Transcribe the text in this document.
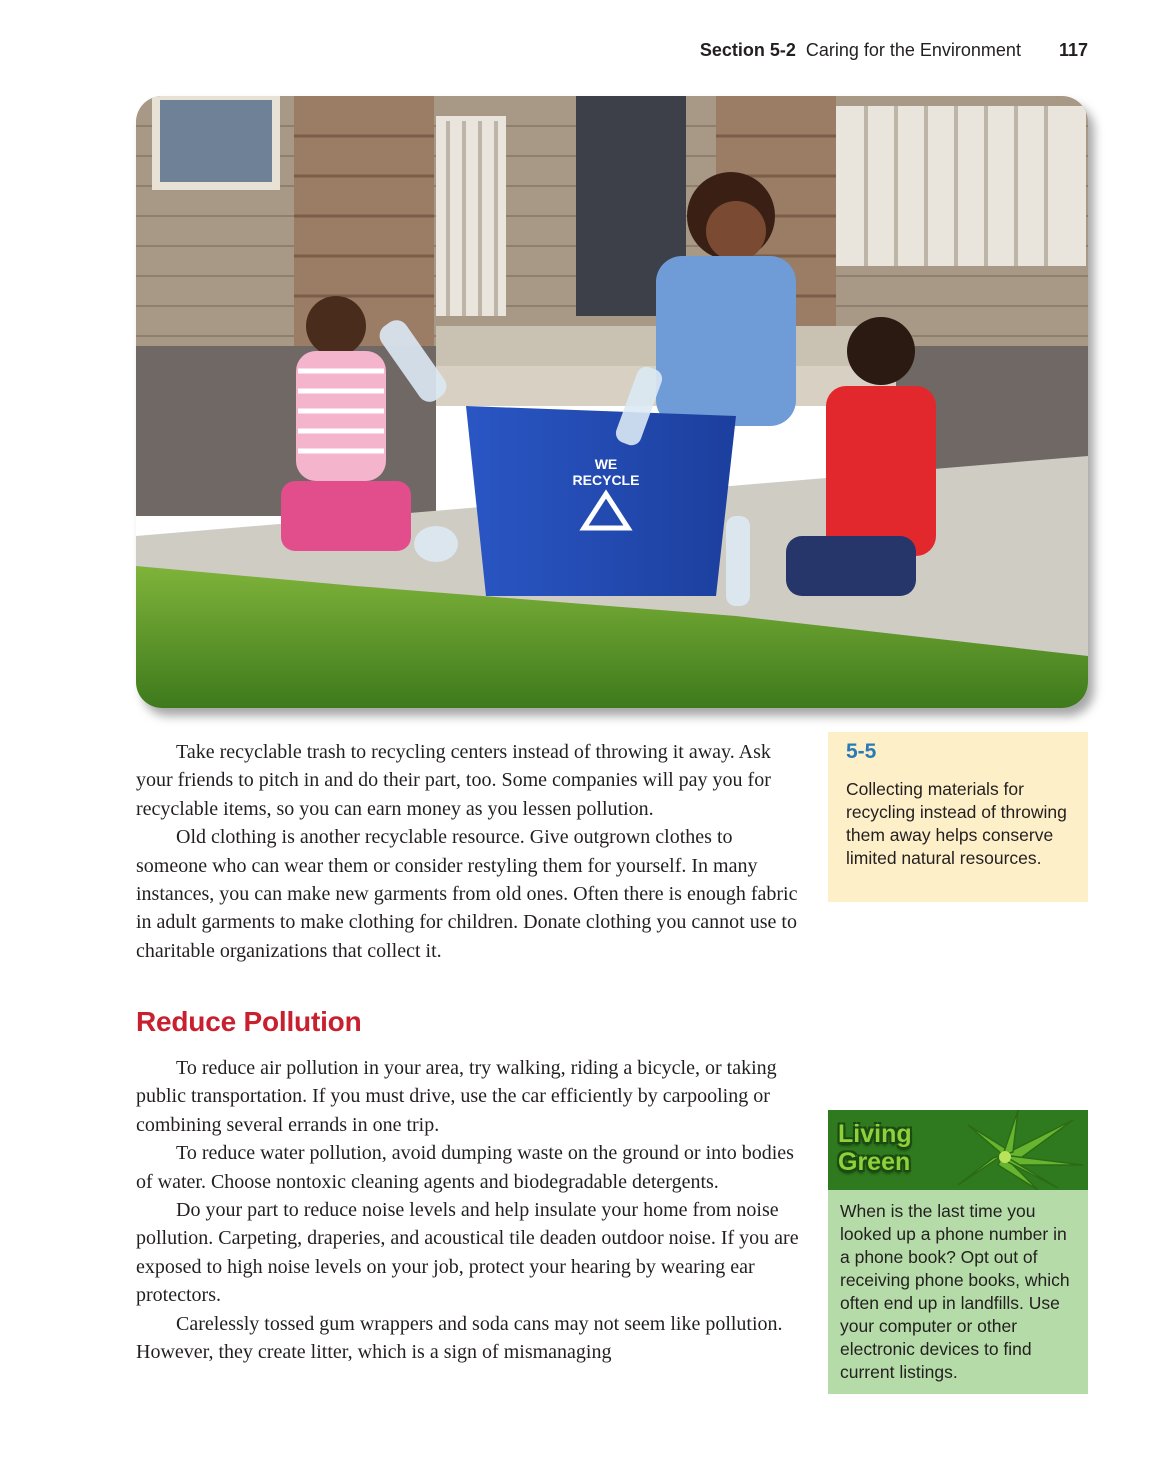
Section 5-2 Caring for the Environment 117
WE
RECYCLE

Take recyclable trash to recycling centers instead of throwing it away. Ask your friends to pitch in and do their part, too. Some companies will pay you for recyclable items, so you can earn money as you lessen pollution.

Old clothing is another recyclable resource. Give outgrown clothes to someone who can wear them or consider restyling them for yourself. In many instances, you can make new garments from old ones. Often there is enough fabric in adult garments to make clothing for children. Donate clothing you cannot use to charitable organizations that collect it.

Reduce Pollution

To reduce air pollution in your area, try walking, riding a bicycle, or taking public transportation. If you must drive, use the car efficiently by carpooling or combining several errands in one trip.

To reduce water pollution, avoid dumping waste on the ground or into bodies of water. Choose nontoxic cleaning agents and biodegradable detergents.

Do your part to reduce noise levels and help insulate your home from noise pollution. Carpeting, draperies, and acoustical tile deaden outdoor noise. If you are exposed to high noise levels on your job, protect your hearing by wearing ear protectors.

Carelessly tossed gum wrappers and soda cans may not seem like pollution. However, they create litter, which is a sign of mismanaging

5-5
Collecting materials for recycling instead of throwing them away helps conserve limited natural resources.
Living
Green
When is the last time you looked up a phone number in a phone book? Opt out of receiving phone books, which often end up in landfills. Use your computer or other electronic devices to find current listings.
